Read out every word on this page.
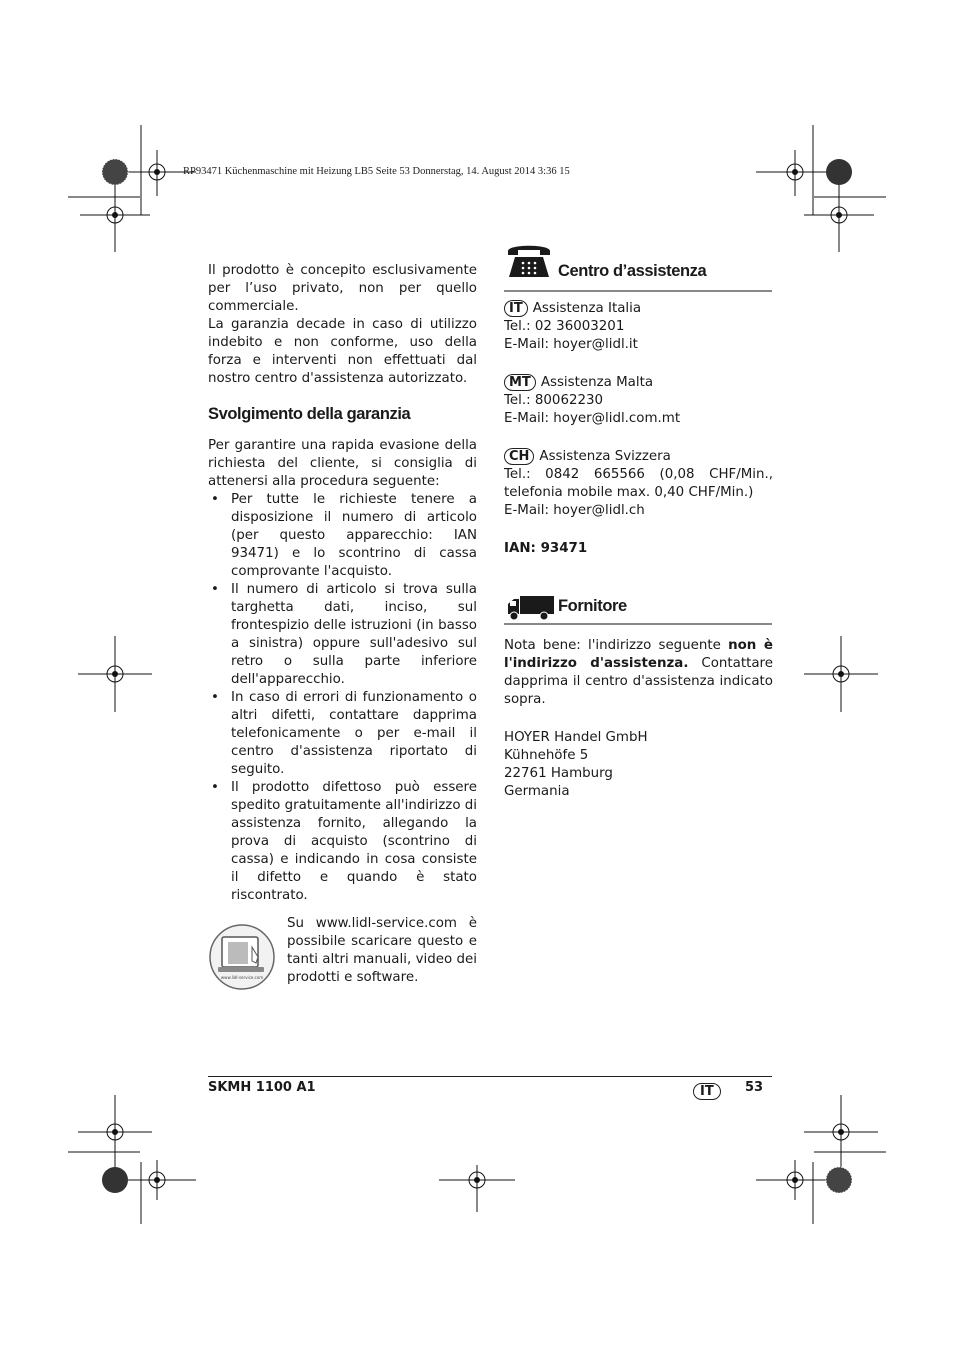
RP93471 Küchenmaschine mit Heizung LB5 Seite 53 Donnerstag, 14. August 2014 3:36 15

Il prodotto è concepito esclusivamente per l’uso privato, non per quello commerciale.

La garanzia decade in caso di utilizzo indebito e non conforme, uso della forza e interventi non effettuati dal nostro centro d'assistenza autorizzato.

Svolgimento della garanzia

Per garantire una rapida evasione della richiesta del cliente, si consiglia di attenersi alla procedura seguente:

• Per tutte le richieste tenere a disposizione il numero di articolo (per questo apparecchio: IAN 93471) e lo scontrino di cassa comprovante l'acquisto.
• Il numero di articolo si trova sulla targhetta dati, inciso, sul frontespizio delle istruzioni (in basso a sinistra) oppure sull'adesivo sul retro o sulla parte inferiore dell'apparecchio.
• In caso di errori di funzionamento o altri difetti, contattare dapprima telefonicamente o per e-mail il centro d'assistenza riportato di seguito.
• Il prodotto difettoso può essere spedito gratuitamente all'indirizzo di assistenza fornito, allegando la prova di acquisto (scontrino di cassa) e indicando in cosa consiste il difetto e quando è stato riscontrato.
www.lidl-service.com

Su www.lidl-service.com è possibile scaricare questo e tanti altri manuali, video dei prodotti e software.

Centro d’assistenza
IT Assistenza Italia
Tel.: 02 36003201
E-Mail: hoyer@lidl.it
MT Assistenza Malta
Tel.: 80062230
E-Mail: hoyer@lidl.com.mt
CH Assistenza Svizzera

Tel.: 0842 665566 (0,08 CHF/Min., telefonia mobile max. 0,40 CHF/Min.)

E-Mail: hoyer@lidl.ch
IAN: 93471
Fornitore

Nota bene: l'indirizzo seguente non è l'indirizzo d'assistenza. Contattare dapprima il centro d'assistenza indicato sopra.

HOYER Handel GmbH
Kühnehöfe 5
22761 Hamburg
Germania
SKMH 1100 A1	IT	53
